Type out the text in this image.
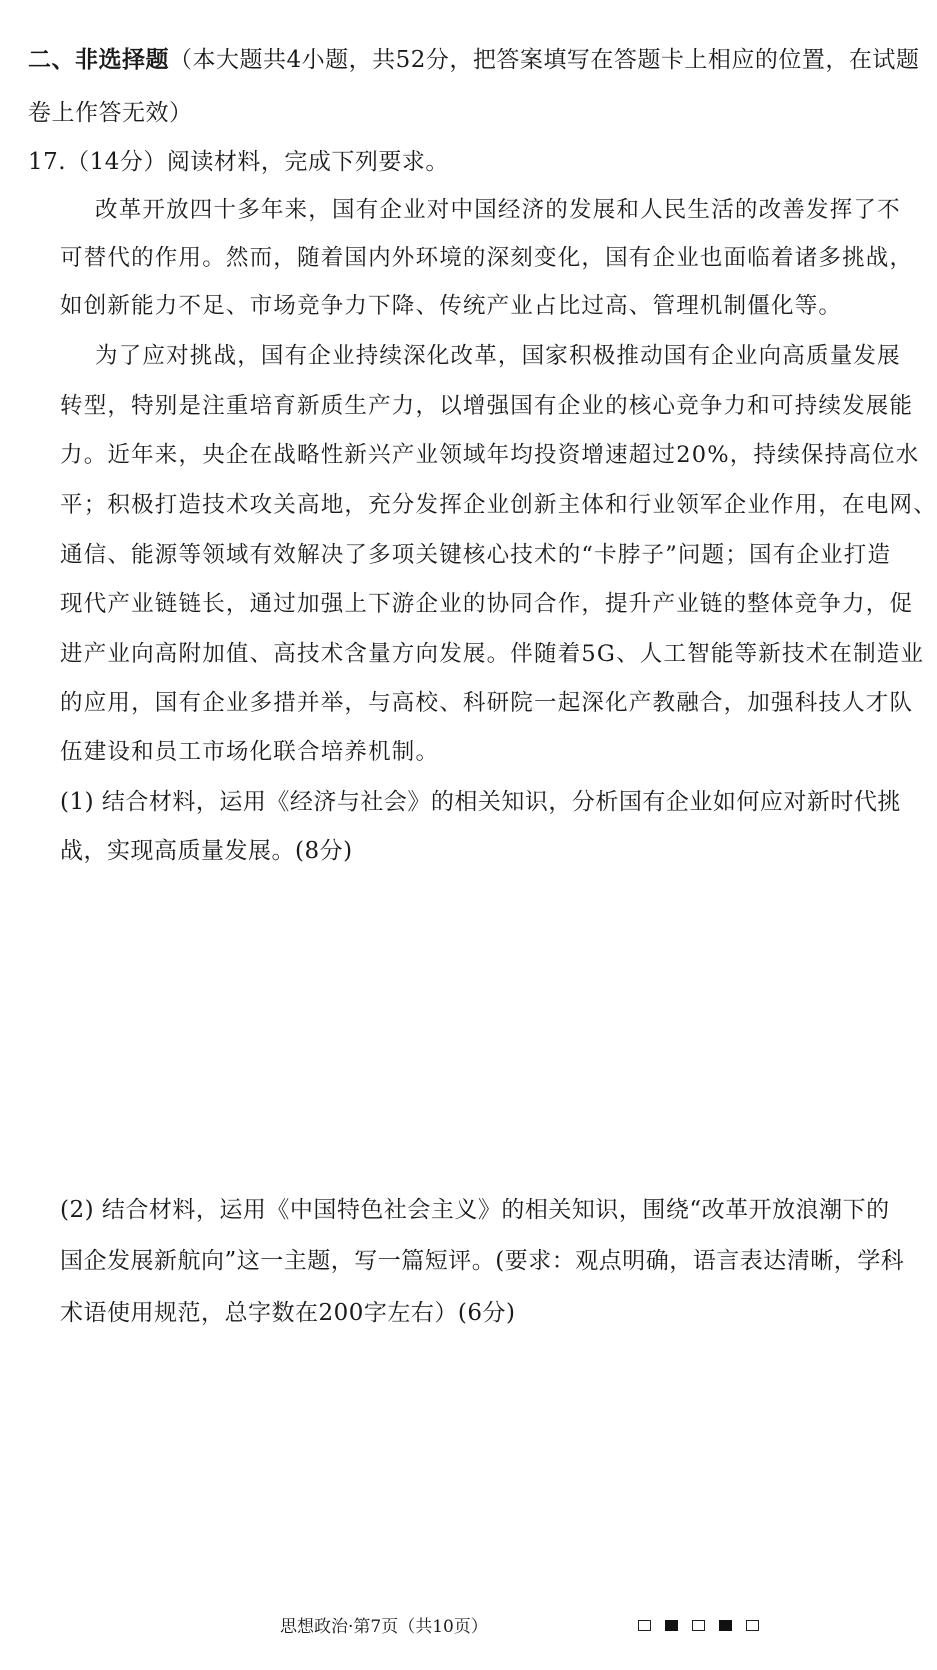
二、非选择题（本大题共4小题，共52分，把答案填写在答题卡上相应的位置，在试题
卷上作答无效）
17.（14分）阅读材料，完成下列要求。
改革开放四十多年来，国有企业对中国经济的发展和人民生活的改善发挥了不
可替代的作用。然而，随着国内外环境的深刻变化，国有企业也面临着诸多挑战，
如创新能力不足、市场竞争力下降、传统产业占比过高、管理机制僵化等。
为了应对挑战，国有企业持续深化改革，国家积极推动国有企业向高质量发展
转型，特别是注重培育新质生产力，以增强国有企业的核心竞争力和可持续发展能
力。近年来，央企在战略性新兴产业领域年均投资增速超过20%，持续保持高位水
平；积极打造技术攻关高地，充分发挥企业创新主体和行业领军企业作用，在电网、
通信、能源等领域有效解决了多项关键核心技术的“卡脖子”问题；国有企业打造
现代产业链链长，通过加强上下游企业的协同合作，提升产业链的整体竞争力，促
进产业向高附加值、高技术含量方向发展。伴随着5G、人工智能等新技术在制造业
的应用，国有企业多措并举，与高校、科研院一起深化产教融合，加强科技人才队
伍建设和员工市场化联合培养机制。
(1) 结合材料，运用《经济与社会》的相关知识，分析国有企业如何应对新时代挑
战，实现高质量发展。(8分)
(2) 结合材料，运用《中国特色社会主义》的相关知识，围绕“改革开放浪潮下的
国企发展新航向”这一主题，写一篇短评。(要求：观点明确，语言表达清晰，学科
术语使用规范，总字数在200字左右）(6分)
思想政治·第7页（共10页）
